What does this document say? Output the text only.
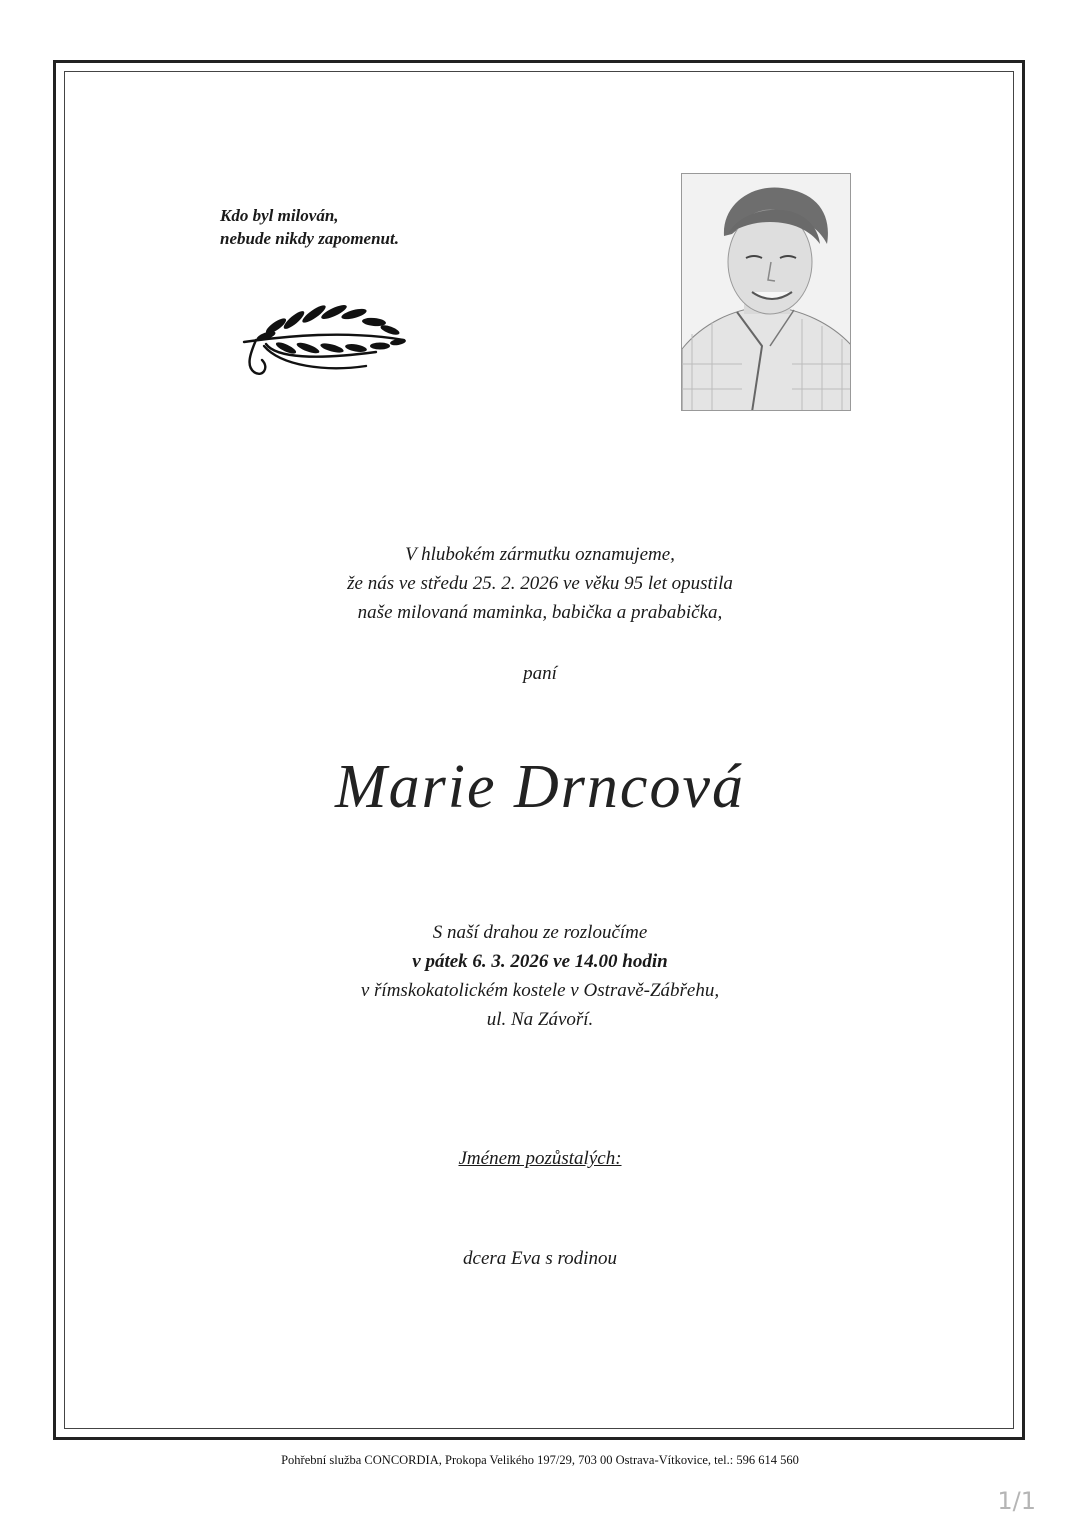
Kdo byl milován,
nebude nikdy zapomenut.
V hlubokém zármutku oznamujeme,
že nás ve středu 25. 2. 2026 ve věku 95 let opustila
naše milovaná maminka, babička a prababička,
paní
Marie Drncová
S naší drahou ze rozloučíme
v pátek 6. 3. 2026 ve 14.00 hodin
v římskokatolickém kostele v Ostravě-Zábřehu,
ul. Na Závoří.
Jménem pozůstalých:
dcera Eva s rodinou
Pohřební služba CONCORDIA, Prokopa Velikého 197/29, 703 00 Ostrava-Vítkovice, tel.: 596 614 560
1/1
